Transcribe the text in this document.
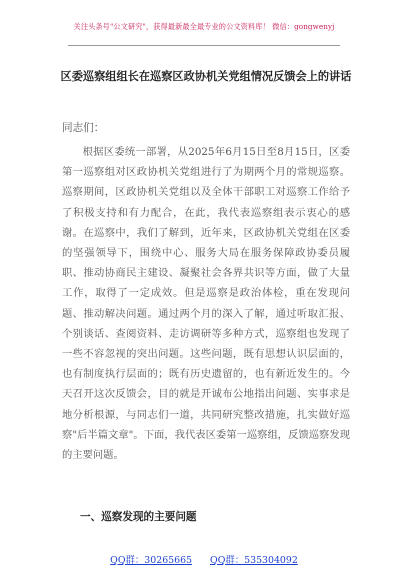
关注头条号"公文研究"，获得最新最全最专业的公文资料库！ 微信：gongwenyj
区委巡察组组长在巡察区政协机关党组情况反馈会上的讲话
同志们：
根据区委统一部署，从2025年6月15日至8月15日，区委第一巡察组对区政协机关党组进行了为期两个月的常规巡察。巡察期间，区政协机关党组以及全体干部职工对巡察工作给予了积极支持和有力配合，在此，我代表巡察组表示衷心的感谢。在巡察中，我们了解到，近年来，区政协机关党组在区委的坚强领导下，围绕中心、服务大局在服务保障政协委员履职、推动协商民主建设、凝聚社会各界共识等方面，做了大量工作，取得了一定成效。但是巡察是政治体检，重在发现问题、推动解决问题。通过两个月的深入了解，通过听取汇报、个别谈话、查阅资料、走访调研等多种方式，巡察组也发现了一些不容忽视的突出问题。这些问题，既有思想认识层面的，也有制度执行层面的；既有历史遗留的，也有新近发生的。今天召开这次反馈会，目的就是开诚布公地指出问题、实事求是地分析根源，与同志们一道，共同研究整改措施，扎实做好巡察"后半篇文章"。下面，我代表区委第一巡察组，反馈巡察发现的主要问题。
一、巡察发现的主要问题
QQ群：30265665 QQ群：535304092
